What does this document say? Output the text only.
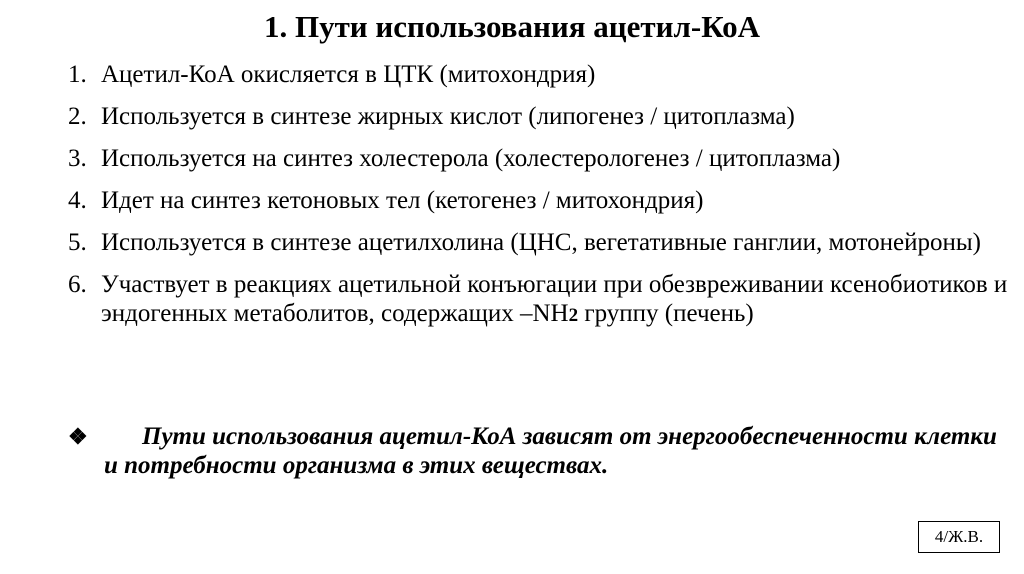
1. Пути использования ацетил-КоА
1. Ацетил-КоА окисляется в ЦТК (митохондрия)
2. Используется в синтезе жирных кислот (липогенез / цитоплазма)
3. Используется на синтез холестерола (холестерологенез / цитоплазма)
4. Идет на синтез кетоновых тел (кетогенез / митохондрия)
5. Используется в синтезе ацетилхолина (ЦНС, вегетативные ганглии, мотонейроны)
6. Участвует в реакциях ацетильной конъюгации при обезвреживании ксенобиотиков и эндогенных метаболитов, содержащих –NH2 группу (печень)
❖	Пути использования ацетил-КоА зависят от энергообеспеченности клетки и потребности организма в этих веществах.
4/Ж.В.
